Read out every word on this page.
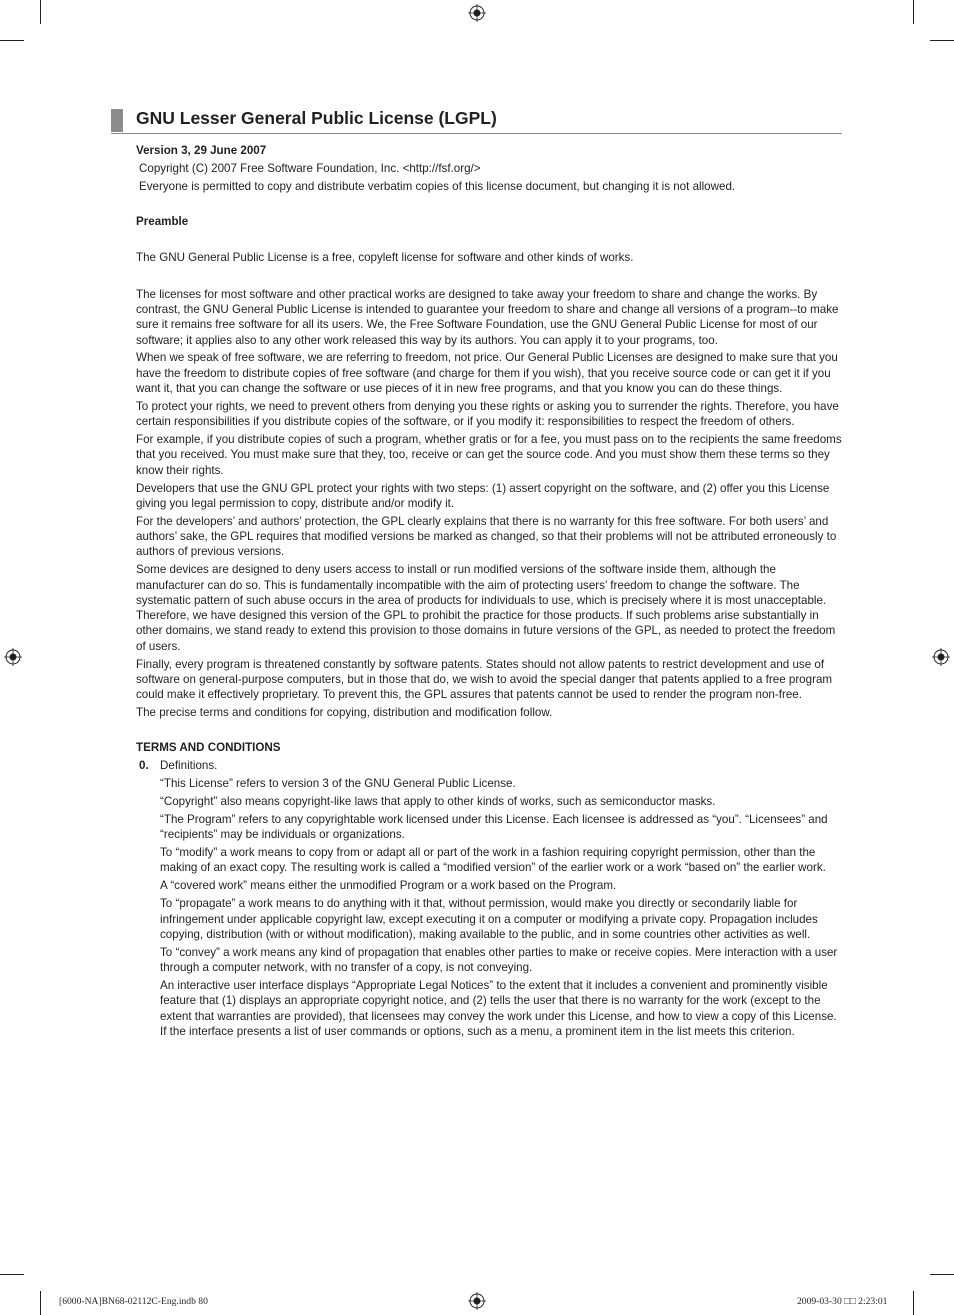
GNU Lesser General Public License (LGPL)

Version 3, 29 June 2007

Copyright (C) 2007 Free Software Foundation, Inc. <http://fsf.org/>

Everyone is permitted to copy and distribute verbatim copies of this license document, but changing it is not allowed.

Preamble

The GNU General Public License is a free, copyleft license for software and other kinds of works.

The licenses for most software and other practical works are designed to take away your freedom to share and change the works. By contrast, the GNU General Public License is intended to guarantee your freedom to share and change all versions of a program--to make sure it remains free software for all its users. We, the Free Software Foundation, use the GNU General Public License for most of our software; it applies also to any other work released this way by its authors. You can apply it to your programs, too.

When we speak of free software, we are referring to freedom, not price. Our General Public Licenses are designed to make sure that you have the freedom to distribute copies of free software (and charge for them if you wish), that you receive source code or can get it if you want it, that you can change the software or use pieces of it in new free programs, and that you know you can do these things.

To protect your rights, we need to prevent others from denying you these rights or asking you to surrender the rights. Therefore, you have certain responsibilities if you distribute copies of the software, or if you modify it: responsibilities to respect the freedom of others.

For example, if you distribute copies of such a program, whether gratis or for a fee, you must pass on to the recipients the same freedoms that you received. You must make sure that they, too, receive or can get the source code. And you must show them these terms so they know their rights.

Developers that use the GNU GPL protect your rights with two steps: (1) assert copyright on the software, and (2) offer you this License giving you legal permission to copy, distribute and/or modify it.

For the developers’ and authors’ protection, the GPL clearly explains that there is no warranty for this free software. For both users’ and authors’ sake, the GPL requires that modified versions be marked as changed, so that their problems will not be attributed erroneously to authors of previous versions.

Some devices are designed to deny users access to install or run modified versions of the software inside them, although the manufacturer can do so. This is fundamentally incompatible with the aim of protecting users’ freedom to change the software. The systematic pattern of such abuse occurs in the area of products for individuals to use, which is precisely where it is most unacceptable. Therefore, we have designed this version of the GPL to prohibit the practice for those products. If such problems arise substantially in other domains, we stand ready to extend this provision to those domains in future versions of the GPL, as needed to protect the freedom of users.

Finally, every program is threatened constantly by software patents. States should not allow patents to restrict development and use of software on general-purpose computers, but in those that do, we wish to avoid the special danger that patents applied to a free program could make it effectively proprietary. To prevent this, the GPL assures that patents cannot be used to render the program non-free.

The precise terms and conditions for copying, distribution and modification follow.

TERMS AND CONDITIONS

0. Definitions.

“This License” refers to version 3 of the GNU General Public License.

“Copyright” also means copyright-like laws that apply to other kinds of works, such as semiconductor masks.

“The Program” refers to any copyrightable work licensed under this License. Each licensee is addressed as “you”. “Licensees” and “recipients” may be individuals or organizations.

To “modify” a work means to copy from or adapt all or part of the work in a fashion requiring copyright permission, other than the making of an exact copy. The resulting work is called a “modified version” of the earlier work or a work “based on” the earlier work.

A “covered work” means either the unmodified Program or a work based on the Program.

To “propagate” a work means to do anything with it that, without permission, would make you directly or secondarily liable for infringement under applicable copyright law, except executing it on a computer or modifying a private copy. Propagation includes copying, distribution (with or without modification), making available to the public, and in some countries other activities as well.

To “convey” a work means any kind of propagation that enables other parties to make or receive copies. Mere interaction with a user through a computer network, with no transfer of a copy, is not conveying.

An interactive user interface displays “Appropriate Legal Notices” to the extent that it includes a convenient and prominently visible feature that (1) displays an appropriate copyright notice, and (2) tells the user that there is no warranty for the work (except to the extent that warranties are provided), that licensees may convey the work under this License, and how to view a copy of this License. If the interface presents a list of user commands or options, such as a menu, a prominent item in the list meets this criterion.

[6000-NA]BN68-02112C-Eng.indb 80	2009-03-30 □□ 2:23:01
